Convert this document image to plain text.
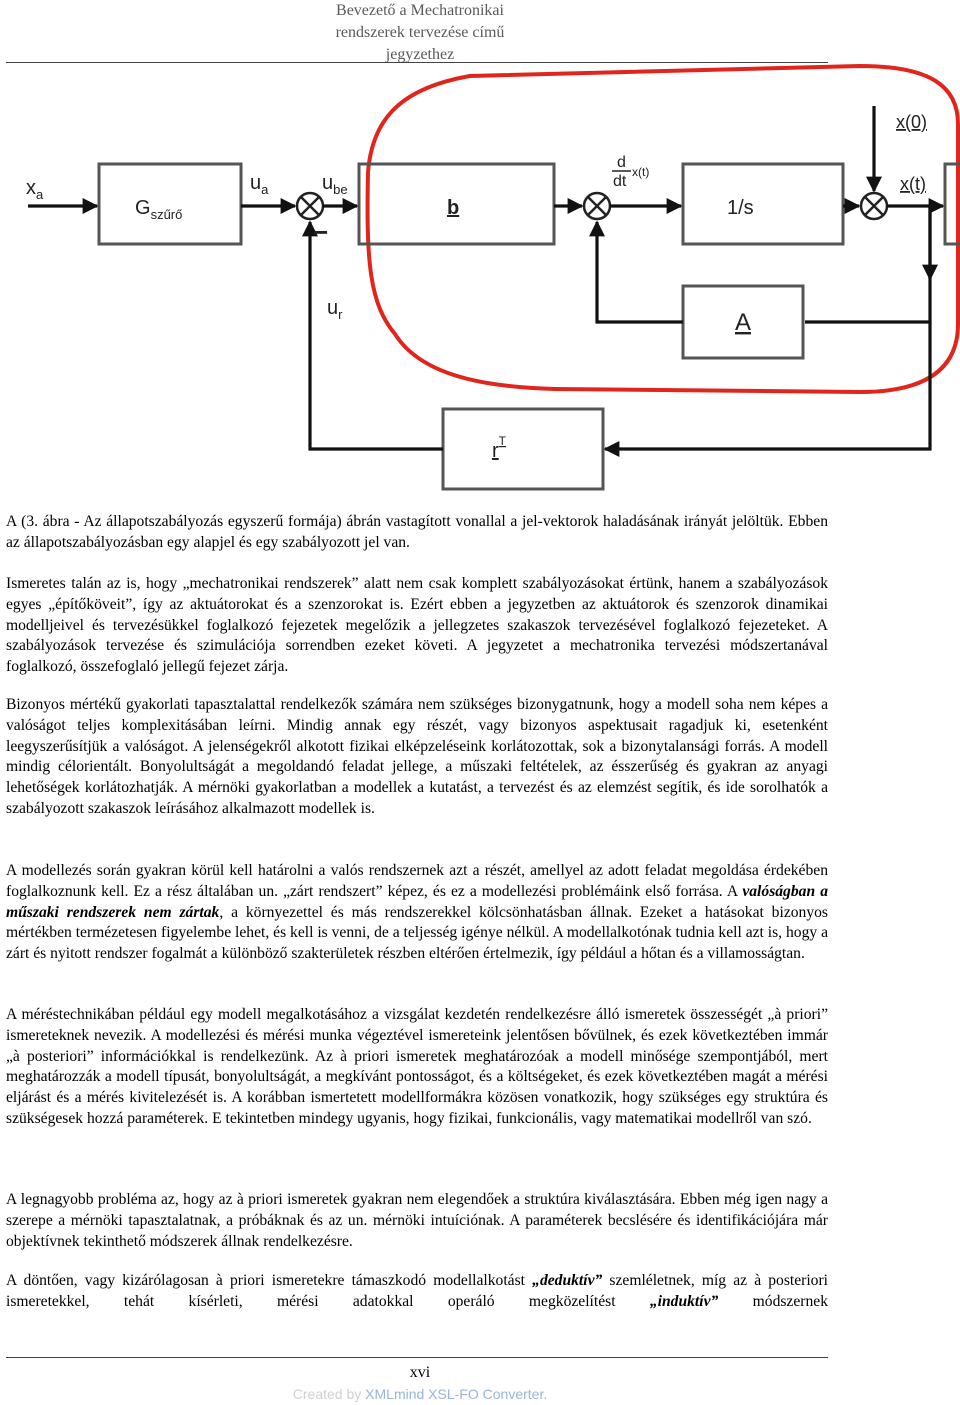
Bevezető a Mechatronikai
rendszerek tervezése című
jegyzethez
$x_a$
$G_{szűrő}$
$u_a$	$u_{be}$
−
b
d
dt
x(t)
1/s
x(0)
x(t)
A
$u_r$
$r^T$

A (3. ábra - Az állapotszabályozás egyszerű formája) ábrán vastagított vonallal a jel-vektorok haladásának irányát jelöltük. Ebben az állapotszabályozásban egy alapjel és egy szabályozott jel van.

Ismeretes talán az is, hogy „mechatronikai rendszerek” alatt nem csak komplett szabályozásokat értünk, hanem a szabályozások egyes „építőköveit”, így az aktuátorokat és a szenzorokat is. Ezért ebben a jegyzetben az aktuátorok és szenzorok dinamikai modelljeivel és tervezésükkel foglalkozó fejezetek megelőzik a jellegzetes szakaszok tervezésével foglalkozó fejezeteket. A szabályozások tervezése és szimulációja sorrendben ezeket követi. A jegyzetet a mechatronika tervezési módszertanával foglalkozó, összefoglaló jellegű fejezet zárja.

Bizonyos mértékű gyakorlati tapasztalattal rendelkezők számára nem szükséges bizonygatnunk, hogy a modell soha nem képes a valóságot teljes komplexitásában leírni. Mindig annak egy részét, vagy bizonyos aspektusait ragadjuk ki, esetenként leegyszerűsítjük a valóságot. A jelenségekről alkotott fizikai elképzeléseink korlátozottak, sok a bizonytalansági forrás. A modell mindig célorientált. Bonyolultságát a megoldandó feladat jellege, a műszaki feltételek, az ésszerűség és gyakran az anyagi lehetőségek korlátozhatják. A mérnöki gyakorlatban a modellek a kutatást, a tervezést és az elemzést segítik, és ide sorolhatók a szabályozott szakaszok leírásához alkalmazott modellek is.

A modellezés során gyakran körül kell határolni a valós rendszernek azt a részét, amellyel az adott feladat megoldása érdekében foglalkoznunk kell. Ez a rész általában un. „zárt rendszert” képez, és ez a modellezési problémáink első forrása. A valóságban a műszaki rendszerek nem zártak, a környezettel és más rendszerekkel kölcsönhatásban állnak. Ezeket a hatásokat bizonyos mértékben termézetesen figyelembe lehet, és kell is venni, de a teljesség igénye nélkül. A modellalkotónak tudnia kell azt is, hogy a zárt és nyitott rendszer fogalmát a különböző szakterületek részben eltérően értelmezik, így például a hőtan és a villamosságtan.

A méréstechnikában például egy modell megalkotásához a vizsgálat kezdetén rendelkezésre álló ismeretek összességét „à priori” ismereteknek nevezik. A modellezési és mérési munka végeztével ismereteink jelentősen bővülnek, és ezek következtében immár „à posteriori” információkkal is rendelkezünk. Az à priori ismeretek meghatározóak a modell minősége szempontjából, mert meghatározzák a modell típusát, bonyolultságát, a megkívánt pontosságot, és a költségeket, és ezek következtében magát a mérési eljárást és a mérés kivitelezését is. A korábban ismertetett modellformákra közösen vonatkozik, hogy szükséges egy struktúra és szükségesek hozzá paraméterek. E tekintetben mindegy ugyanis, hogy fizikai, funkcionális, vagy matematikai modellről van szó.

A legnagyobb probléma az, hogy az à priori ismeretek gyakran nem elegendőek a struktúra kiválasztására. Ebben még igen nagy a szerepe a mérnöki tapasztalatnak, a próbáknak és az un. mérnöki intuíciónak. A paraméterek becslésére és identifikációjára már objektívnek tekinthető módszerek állnak rendelkezésre.

A döntően, vagy kizárólagosan à priori ismeretekre támaszkodó modellalkotást „deduktív” szemléletnek, míg az à posteriori ismeretekkel, tehát kísérleti, mérési adatokkal operáló megközelítést „induktív” módszernek

xvi
Created by XMLmind XSL-FO Converter.
